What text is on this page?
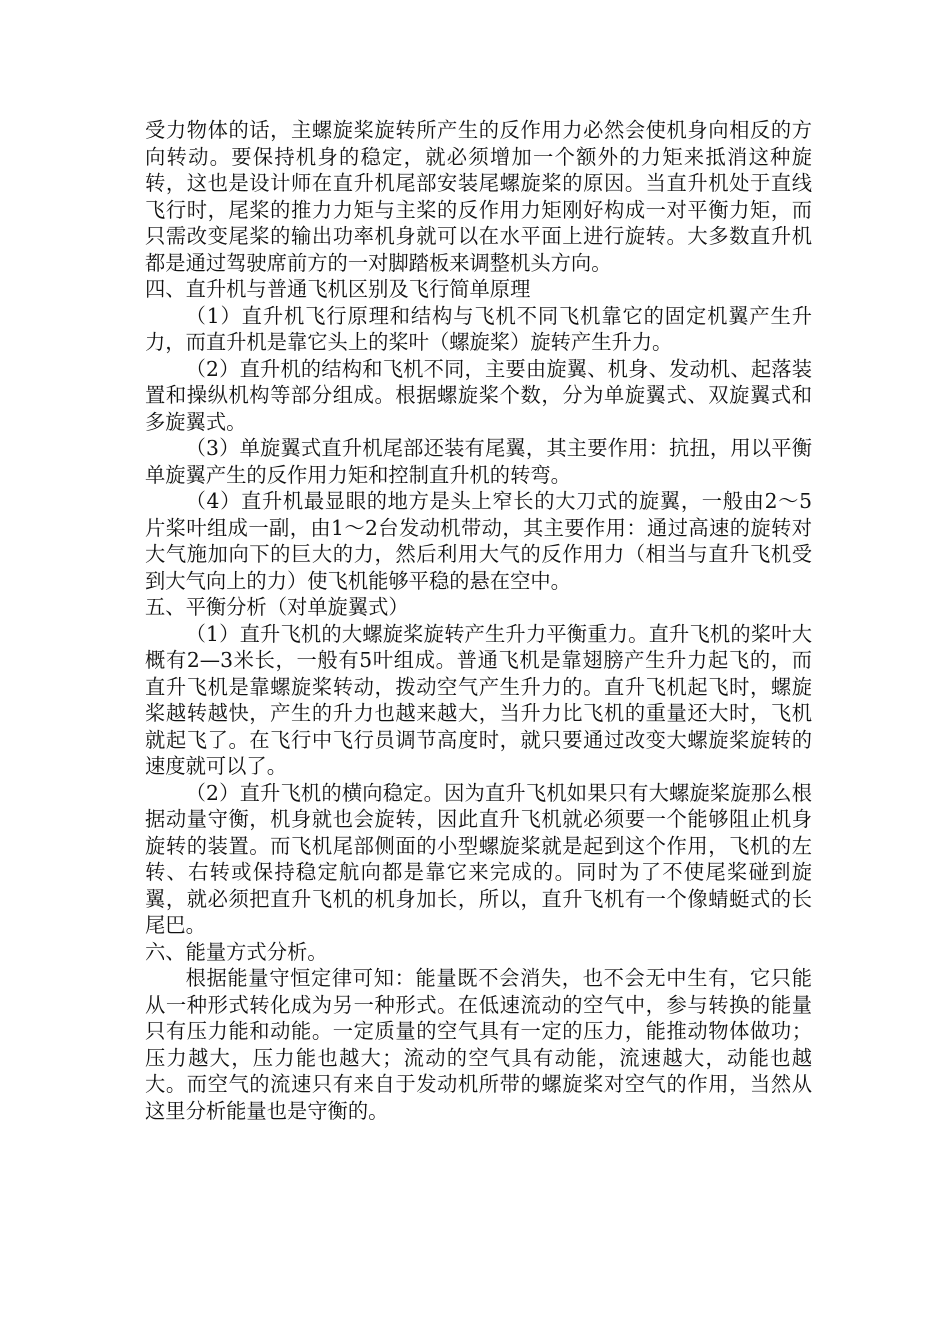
受力物体的话，主螺旋桨旋转所产生的反作用力必然会使机身向相反的方向转动。要保持机身的稳定，就必须增加一个额外的力矩来抵消这种旋转，这也是设计师在直升机尾部安装尾螺旋桨的原因。当直升机处于直线飞行时，尾桨的推力力矩与主桨的反作用力矩刚好构成一对平衡力矩，而只需改变尾桨的输出功率机身就可以在水平面上进行旋转。大多数直升机都是通过驾驶席前方的一对脚踏板来调整机头方向。

四、直升机与普通飞机区别及飞行简单原理

（1）直升机飞行原理和结构与飞机不同飞机靠它的固定机翼产生升力，而直升机是靠它头上的桨叶（螺旋桨）旋转产生升力。

（2）直升机的结构和飞机不同，主要由旋翼、机身、发动机、起落装置和操纵机构等部分组成。根据螺旋桨个数，分为单旋翼式、双旋翼式和多旋翼式。

（3）单旋翼式直升机尾部还装有尾翼，其主要作用：抗扭，用以平衡单旋翼产生的反作用力矩和控制直升机的转弯。

（4）直升机最显眼的地方是头上窄长的大刀式的旋翼，一般由2～5片桨叶组成一副，由1～2台发动机带动，其主要作用：通过高速的旋转对大气施加向下的巨大的力，然后利用大气的反作用力（相当与直升飞机受到大气向上的力）使飞机能够平稳的悬在空中。

五、平衡分析（对单旋翼式）

（1）直升飞机的大螺旋桨旋转产生升力平衡重力。直升飞机的桨叶大概有2—3米长，一般有5叶组成。普通飞机是靠翅膀产生升力起飞的，而直升飞机是靠螺旋桨转动，拨动空气产生升力的。直升飞机起飞时，螺旋桨越转越快，产生的升力也越来越大，当升力比飞机的重量还大时，飞机就起飞了。在飞行中飞行员调节高度时，就只要通过改变大螺旋桨旋转的速度就可以了。

（2）直升飞机的横向稳定。因为直升飞机如果只有大螺旋桨旋那么根据动量守衡，机身就也会旋转，因此直升飞机就必须要一个能够阻止机身旋转的装置。而飞机尾部侧面的小型螺旋桨就是起到这个作用，飞机的左转、右转或保持稳定航向都是靠它来完成的。同时为了不使尾桨碰到旋翼，就必须把直升飞机的机身加长，所以，直升飞机有一个像蜻蜓式的长尾巴。

六、能量方式分析。

根据能量守恒定律可知：能量既不会消失，也不会无中生有，它只能从一种形式转化成为另一种形式。在低速流动的空气中，参与转换的能量只有压力能和动能。一定质量的空气具有一定的压力，能推动物体做功；压力越大，压力能也越大；流动的空气具有动能，流速越大，动能也越大。而空气的流速只有来自于发动机所带的螺旋桨对空气的作用，当然从这里分析能量也是守衡的。
